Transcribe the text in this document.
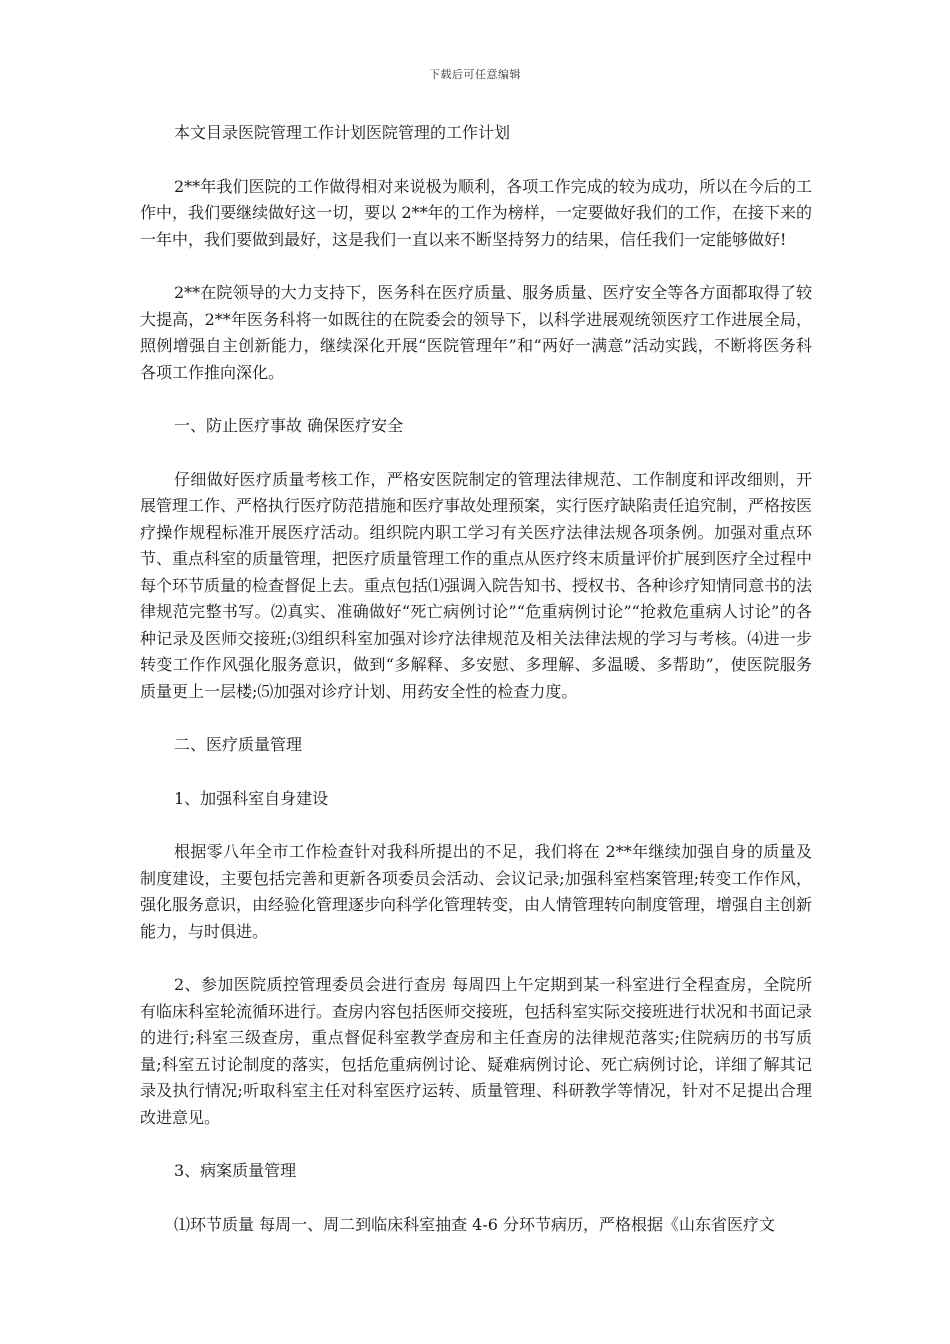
下载后可任意编辑

本文目录医院管理工作计划医院管理的工作计划

2**年我们医院的工作做得相对来说极为顺利，各项工作完成的较为成功，所以在今后的工作中，我们要继续做好这一切，要以 2**年的工作为榜样，一定要做好我们的工作，在接下来的一年中，我们要做到最好，这是我们一直以来不断坚持努力的结果，信任我们一定能够做好!

2**在院领导的大力支持下，医务科在医疗质量、服务质量、医疗安全等各方面都取得了较大提高，2**年医务科将一如既往的在院委会的领导下，以科学进展观统领医疗工作进展全局，照例增强自主创新能力，继续深化开展“医院管理年”和“两好一满意”活动实践，不断将医务科各项工作推向深化。

一、防止医疗事故 确保医疗安全

仔细做好医疗质量考核工作，严格安医院制定的管理法律规范、工作制度和评改细则，开展管理工作、严格执行医疗防范措施和医疗事故处理预案，实行医疗缺陷责任追究制，严格按医疗操作规程标准开展医疗活动。组织院内职工学习有关医疗法律法规各项条例。加强对重点环节、重点科室的质量管理，把医疗质量管理工作的重点从医疗终末质量评价扩展到医疗全过程中每个环节质量的检查督促上去。重点包括⑴强调入院告知书、授权书、各种诊疗知情同意书的法律规范完整书写。⑵真实、准确做好“死亡病例讨论”“危重病例讨论”“抢救危重病人讨论”的各种记录及医师交接班;⑶组织科室加强对诊疗法律规范及相关法律法规的学习与考核。⑷进一步转变工作作风强化服务意识，做到“多解释、多安慰、多理解、多温暖、多帮助”，使医院服务质量更上一层楼;⑸加强对诊疗计划、用药安全性的检查力度。

二、医疗质量管理

1、加强科室自身建设

根据零八年全市工作检查针对我科所提出的不足，我们将在 2**年继续加强自身的质量及制度建设，主要包括完善和更新各项委员会活动、会议记录;加强科室档案管理;转变工作作风，强化服务意识，由经验化管理逐步向科学化管理转变，由人情管理转向制度管理，增强自主创新能力，与时俱进。

2、参加医院质控管理委员会进行查房 每周四上午定期到某一科室进行全程查房，全院所有临床科室轮流循环进行。查房内容包括医师交接班，包括科室实际交接班进行状况和书面记录的进行;科室三级查房，重点督促科室教学查房和主任查房的法律规范落实;住院病历的书写质量;科室五讨论制度的落实，包括危重病例讨论、疑难病例讨论、死亡病例讨论，详细了解其记录及执行情况;听取科室主任对科室医疗运转、质量管理、科研教学等情况，针对不足提出合理改进意见。

3、病案质量管理

⑴环节质量 每周一、周二到临床科室抽查 4-6 分环节病历，严格根据《山东省医疗文
